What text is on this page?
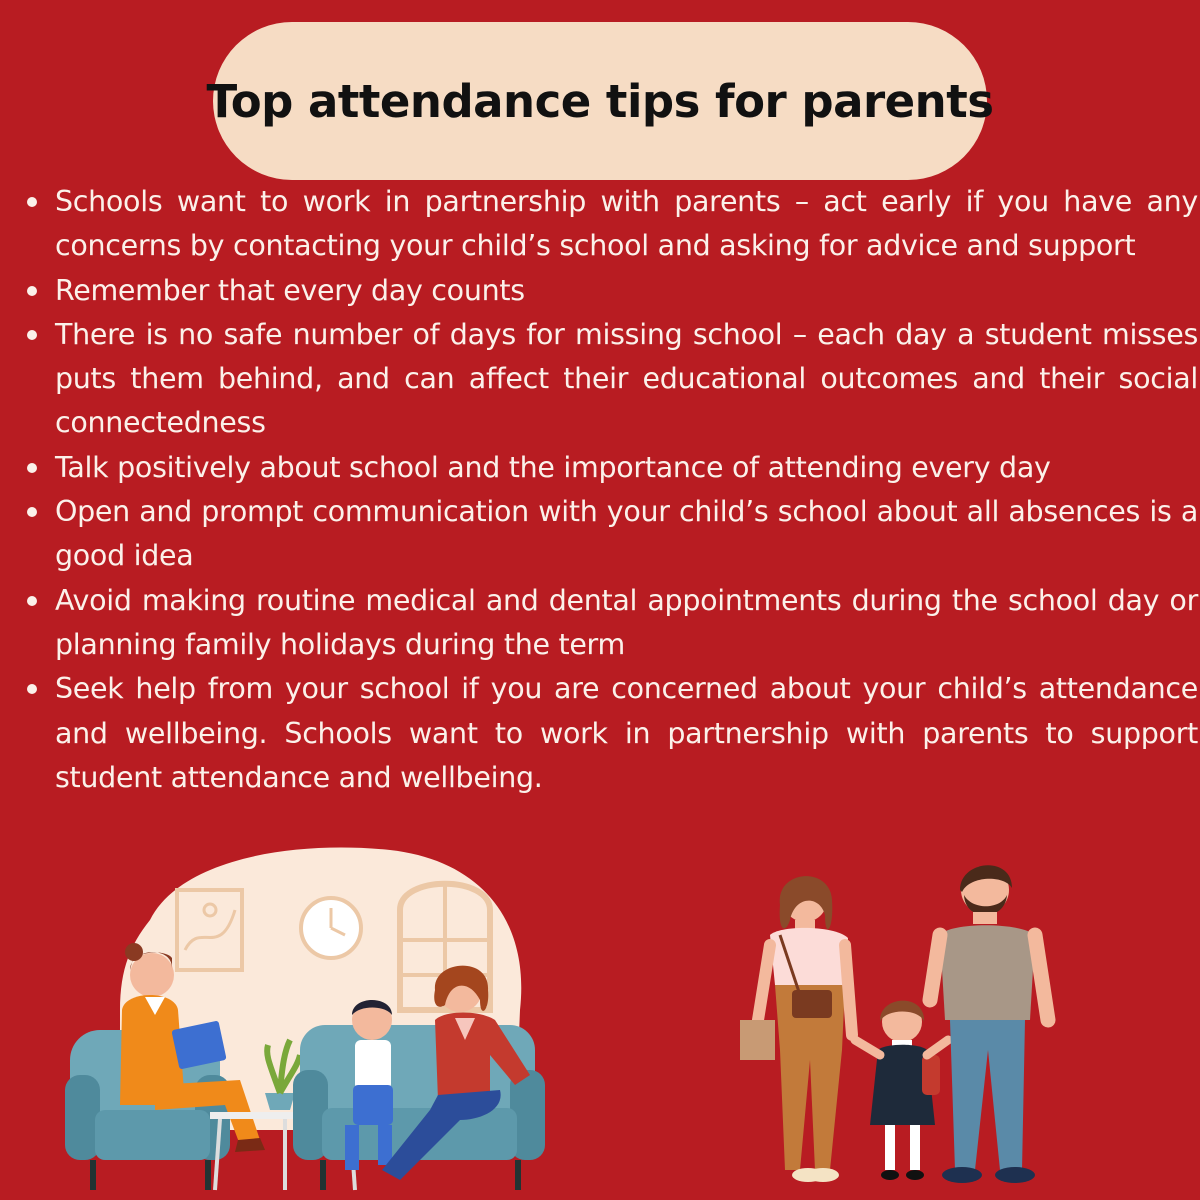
Top attendance tips for parents
Schools want to work in partnership with parents – act early if you have any concerns by contacting your child’s school and asking for advice and support
Remember that every day counts
There is no safe number of days for missing school – each day a student misses puts them behind, and can affect their educational outcomes and their social connectedness
Talk positively about school and the importance of attending every day
Open and prompt communication with your child’s school about all absences is a good idea
Avoid making routine medical and dental appointments during the school day or planning family holidays during the term
Seek help from your school if you are concerned about your child’s attendance and wellbeing. Schools want to work in partnership with parents to support student attendance and wellbeing.
